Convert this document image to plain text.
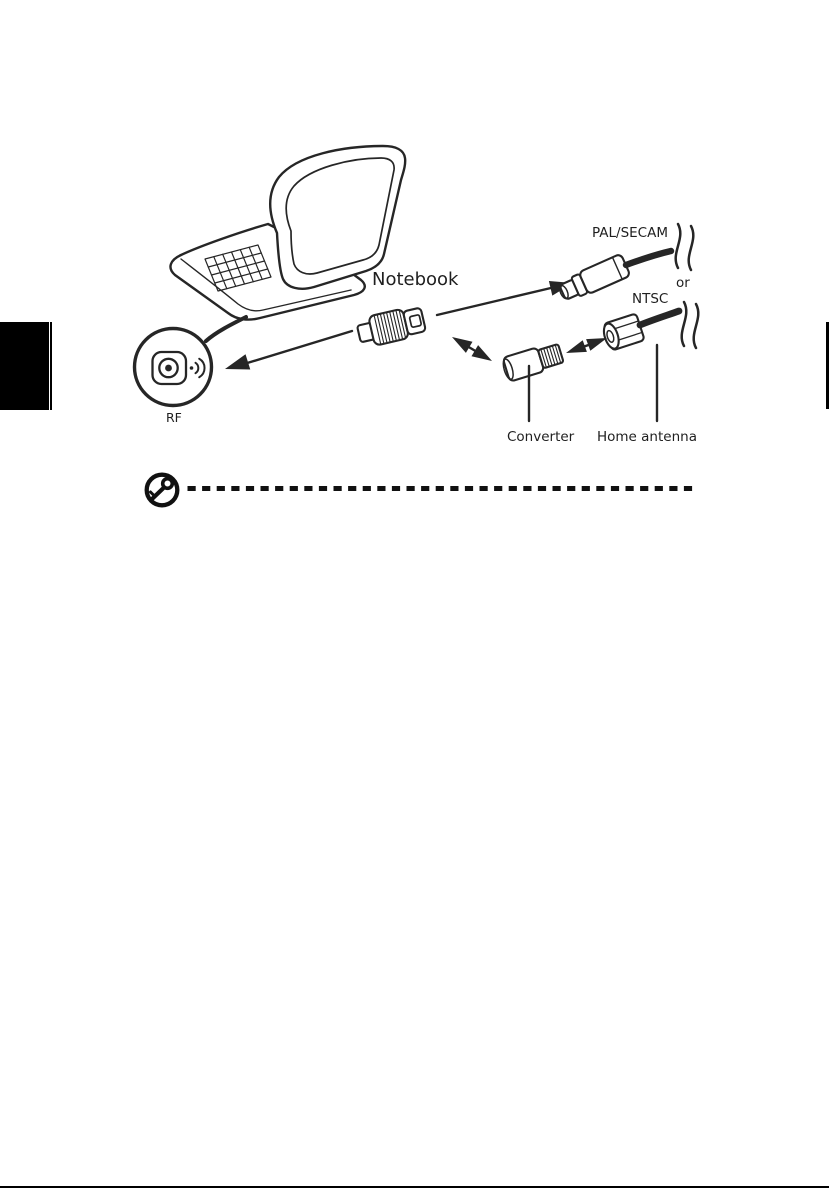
Notebook
PAL/SECAM
or
NTSC
RF
Converter Home antenna
